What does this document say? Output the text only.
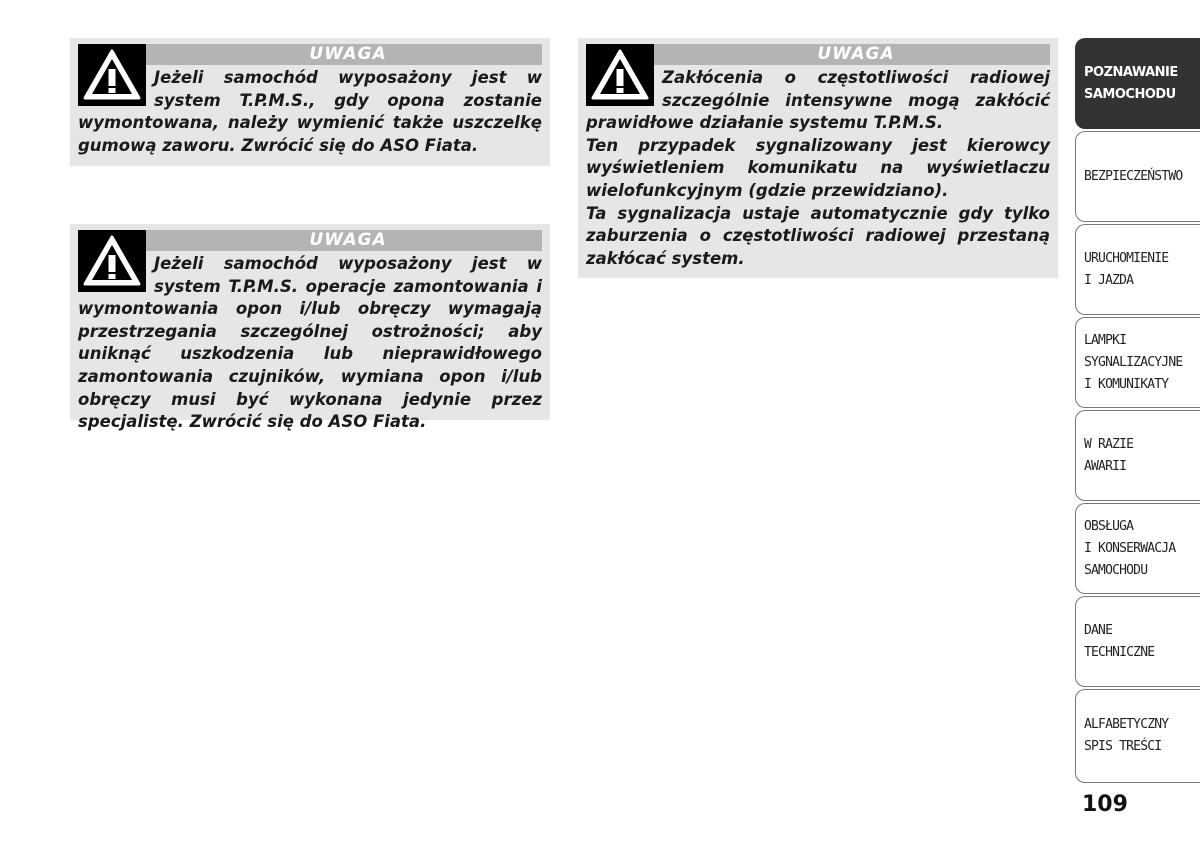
UWAGA
Jeżeli samochód wyposażony jest w system T.P.M.S., gdy opona zostanie wymontowana, należy wymienić także uszczelkę gumową zaworu. Zwrócić się do ASO Fiata.
UWAGA
Jeżeli samochód wyposażony jest w system T.P.M.S. operacje zamontowania i wymontowania opon i/lub obręczy wymagają przestrzegania szczególnej ostrożności; aby uniknąć uszkodzenia lub nieprawidłowego zamontowania czujników, wymiana opon i/lub obręczy musi być wykonana jedynie przez specjalistę. Zwrócić się do ASO Fiata.
UWAGA

Zakłócenia o częstotliwości radiowej szczególnie intensywne mogą zakłócić prawidłowe działanie systemu T.P.M.S.

Ten przypadek sygnalizowany jest kierowcy wyświetleniem komunikatu na wyświetlaczu wielofunkcyjnym (gdzie przewidziano).

Ta sygnalizacja ustaje automatycznie gdy tylko zaburzenia o częstotliwości radiowej przestaną zakłócać system.

POZNAWANIE
SAMOCHODU
BEZPIECZEŃSTWO
URUCHOMIENIE
I JAZDA
LAMPKI
SYGNALIZACYJNE
I KOMUNIKATY
W RAZIE
AWARII
OBSŁUGA
I KONSERWACJA
SAMOCHODU
DANE
TECHNICZNE
ALFABETYCZNY
SPIS TREŚCI
109
